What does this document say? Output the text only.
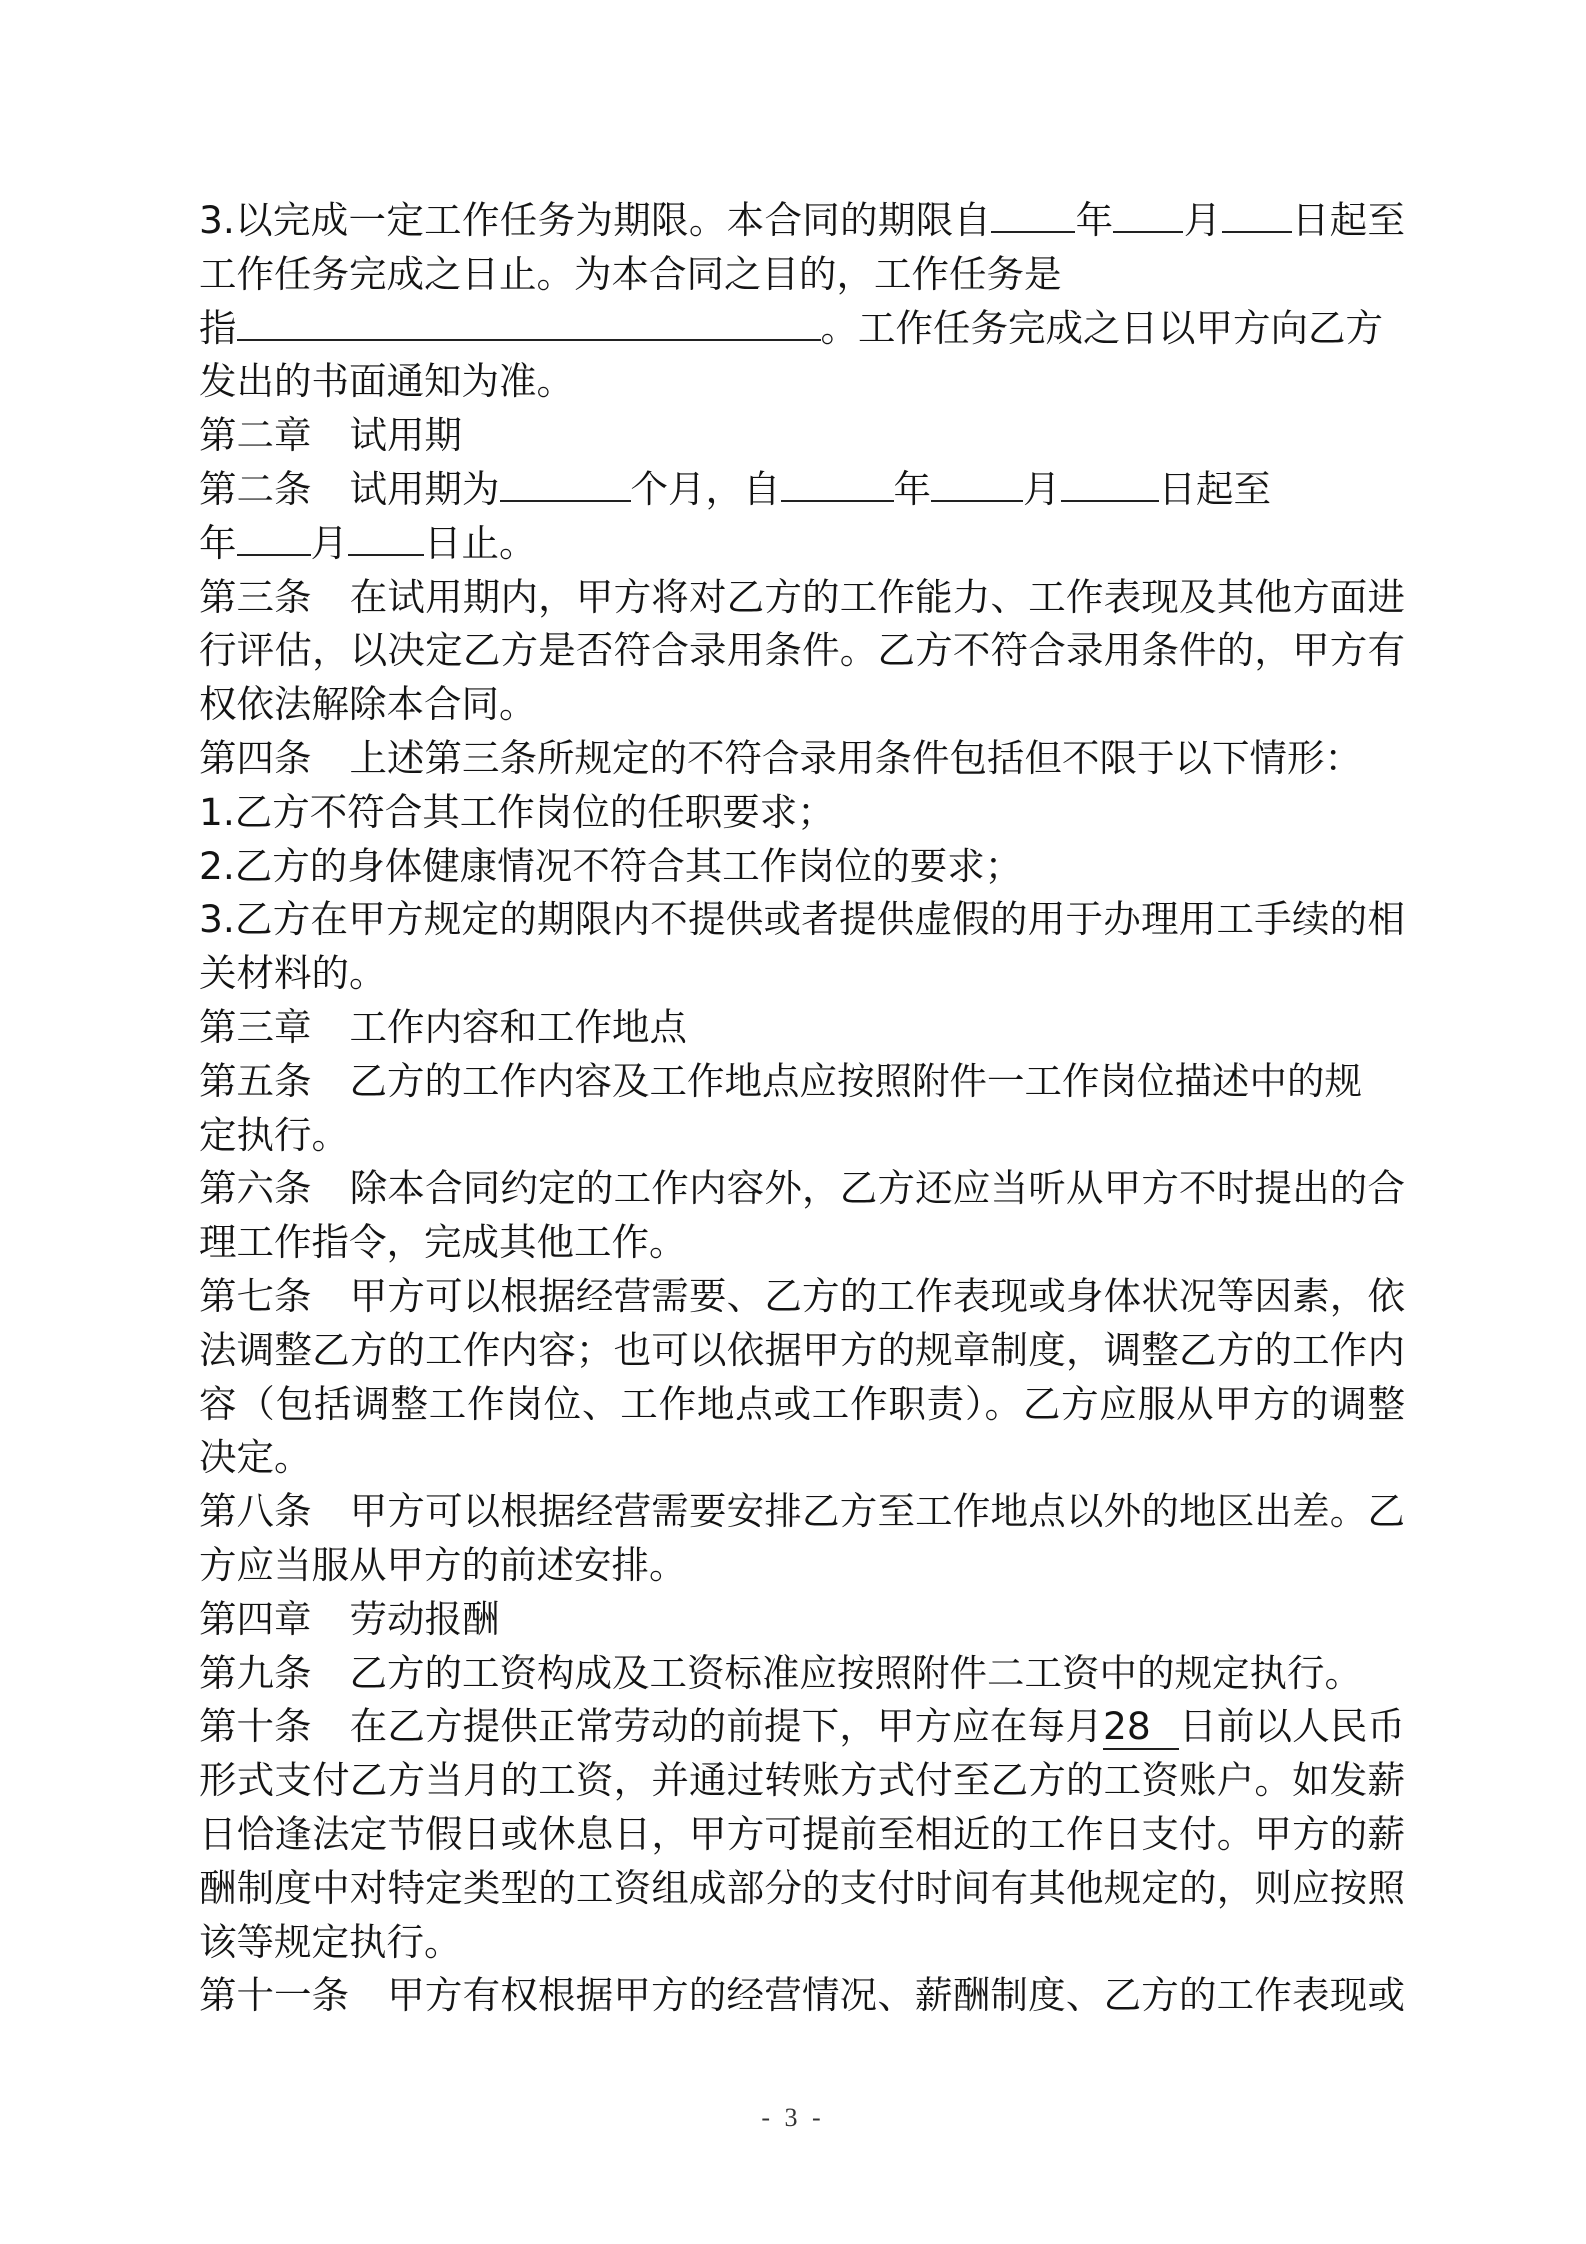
3.以完成一定工作任务为期限。本合同的期限自 年 月 日起至
工作任务完成之日止。为本合同之目的，工作任务是
指	。工作任务完成之日以甲方向乙方
发出的书面通知为准。
第二章 试用期
第二条 试用期为	个月，自	年 月	日起至
年 月 日止。
第三条 在试用期内，甲方将对乙方的工作能力、工作表现及其他方面进
行评估，以决定乙方是否符合录用条件。乙方不符合录用条件的，甲方有
权依法解除本合同。
第四条 上述第三条所规定的不符合录用条件包括但不限于以下情形：
1.乙方不符合其工作岗位的任职要求；
2.乙方的身体健康情况不符合其工作岗位的要求；
3.乙方在甲方规定的期限内不提供或者提供虚假的用于办理用工手续的相
关材料的。
第三章 工作内容和工作地点
第五条 乙方的工作内容及工作地点应按照附件一工作岗位描述中的规
定执行。
第六条 除本合同约定的工作内容外，乙方还应当听从甲方不时提出的合
理工作指令，完成其他工作。
第七条 甲方可以根据经营需要、乙方的工作表现或身体状况等因素，依
法调整乙方的工作内容；也可以依据甲方的规章制度，调整乙方的工作内
容（包括调整工作岗位、工作地点或工作职责）。乙方应服从甲方的调整
决定。
第八条 甲方可以根据经营需要安排乙方至工作地点以外的地区出差。乙
方应当服从甲方的前述安排。
第四章 劳动报酬
第九条 乙方的工资构成及工资标准应按照附件二工资中的规定执行。
第十条 在乙方提供正常劳动的前提下，甲方应在每月28 日前以人民币
形式支付乙方当月的工资，并通过转账方式付至乙方的工资账户。如发薪
日恰逢法定节假日或休息日，甲方可提前至相近的工作日支付。甲方的薪
酬制度中对特定类型的工资组成部分的支付时间有其他规定的，则应按照
该等规定执行。
第十一条 甲方有权根据甲方的经营情况、薪酬制度、乙方的工作表现或
- 3 -
